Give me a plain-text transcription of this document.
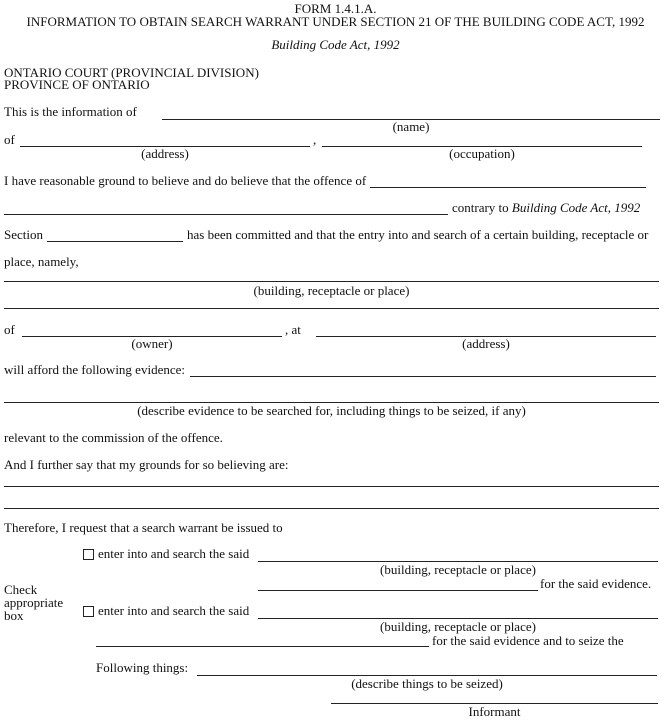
FORM 1.4.1.A.
INFORMATION TO OBTAIN SEARCH WARRANT UNDER SECTION 21 OF THE BUILDING CODE ACT, 1992
Building Code Act, 1992
ONTARIO COURT (PROVINCIAL DIVISION)
PROVINCE OF ONTARIO
This is the information of
(name)
of	,
(address)	(occupation)
I have reasonable ground to believe and do believe that the offence of
contrary to Building Code Act, 1992
Section	has been committed and that the entry into and search of a certain building, receptacle or
place, namely,
(building, receptacle or place)
of	, at
(owner)	(address)
will afford the following evidence:
(describe evidence to be searched for, including things to be seized, if any)
relevant to the commission of the offence.
And I further say that my grounds for so believing are:
Therefore, I request that a search warrant be issued to
enter into and search the said
(building, receptacle or place)
for the said evidence.
Check
appropriate
box	enter into and search the said
(building, receptacle or place)
for the said evidence and to seize the
Following things:
(describe things to be seized)
Informant
